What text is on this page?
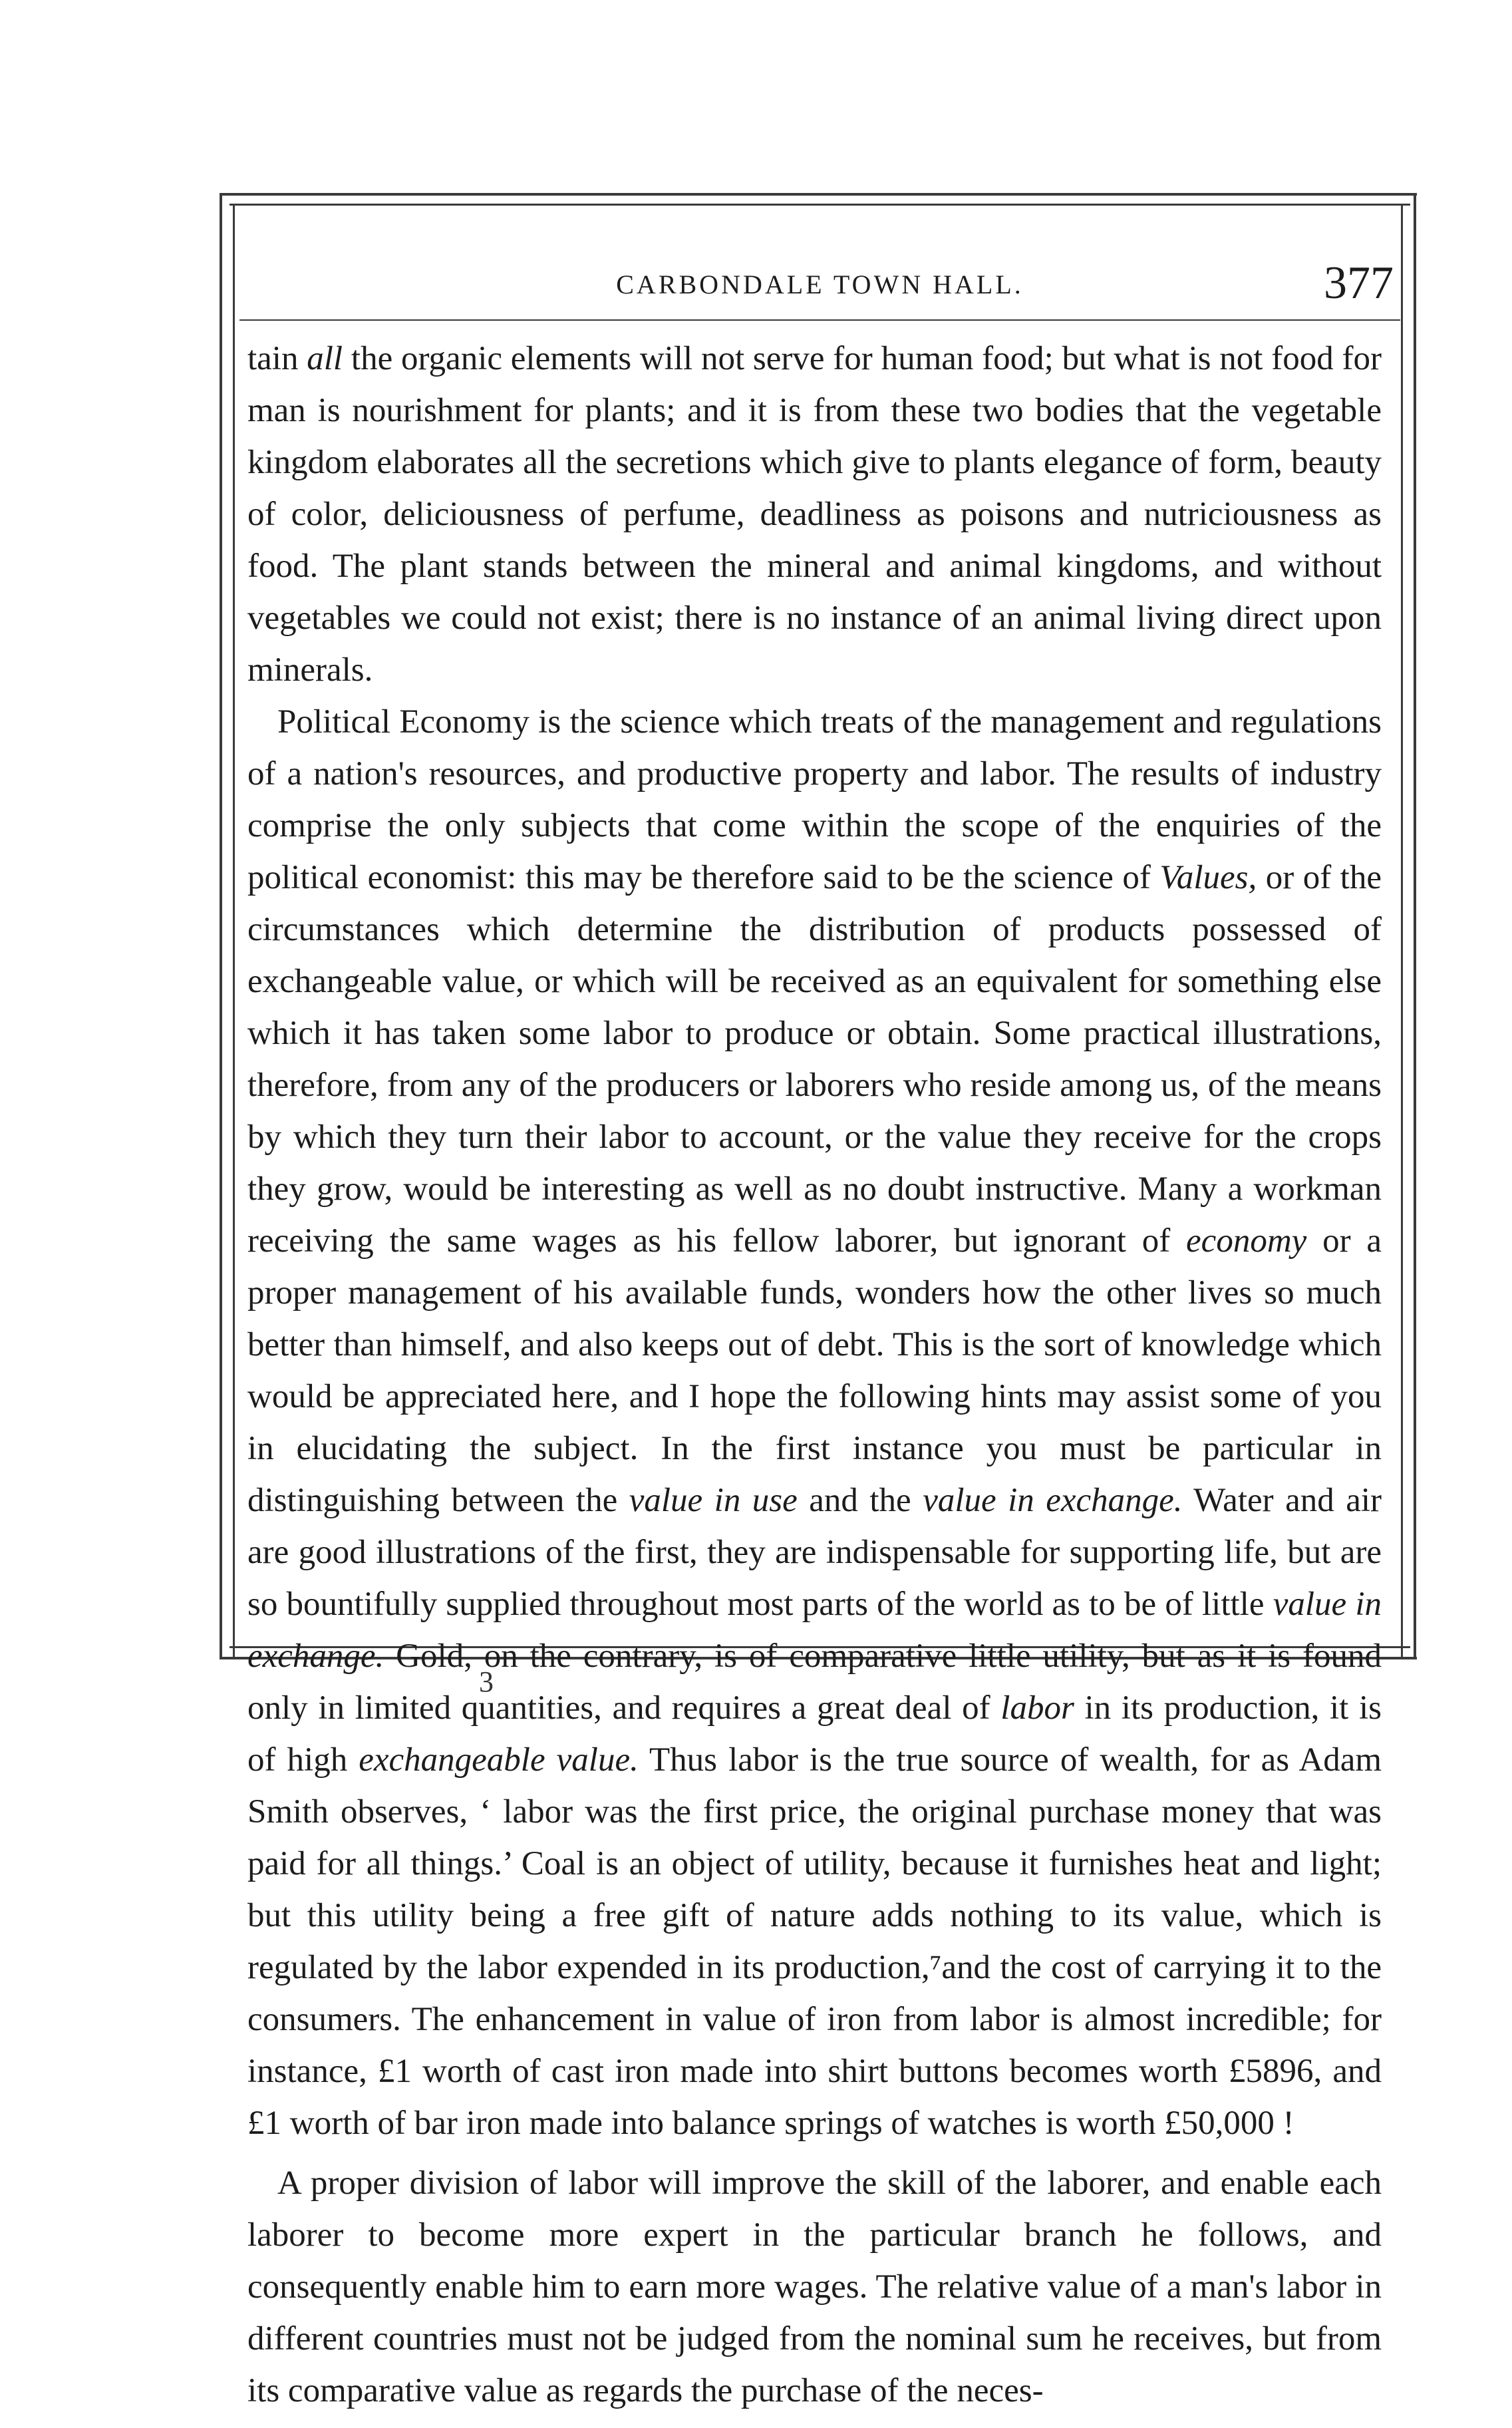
CARBONDALE TOWN HALL.	377

tain all the organic elements will not serve for human food; but what is not food for man is nourishment for plants; and it is from these two bodies that the vegetable kingdom elaborates all the secretions which give to plants elegance of form, beauty of color, deliciousness of perfume, deadliness as poisons and nutriciousness as food. The plant stands between the mineral and animal kingdoms, and without vegetables we could not exist; there is no instance of an animal living direct upon minerals.

Political Economy is the science which treats of the management and regulations of a nation's resources, and productive property and labor. The results of industry comprise the only subjects that come within the scope of the enquiries of the political economist: this may be therefore said to be the science of Values, or of the circumstances which determine the distribution of products possessed of exchangeable value, or which will be received as an equivalent for something else which it has taken some labor to produce or obtain. Some practical illustrations, therefore, from any of the producers or laborers who reside among us, of the means by which they turn their labor to account, or the value they receive for the crops they grow, would be interesting as well as no doubt instructive. Many a workman receiving the same wages as his fellow laborer, but ignorant of economy or a proper management of his available funds, wonders how the other lives so much better than himself, and also keeps out of debt. This is the sort of knowledge which would be appreciated here, and I hope the following hints may assist some of you in elucidating the subject. In the first instance you must be particular in distinguishing between the value in use and the value in exchange. Water and air are good illustrations of the first, they are indispensable for supporting life, but are so bountifully supplied throughout most parts of the world as to be of little value in exchange. Gold, on the contrary, is of comparative little utility, but as it is found only in limited quantities, and requires a great deal of labor in its production, it is of high exchangeable value. Thus labor is the true source of wealth, for as Adam Smith observes, ‘ labor was the first price, the original purchase money that was paid for all things.’ Coal is an object of utility, because it furnishes heat and light; but this utility being a free gift of nature adds nothing to its value, which is regulated by the labor expended in its production,⁷and the cost of carrying it to the consumers. The enhancement in value of iron from labor is almost incredible; for instance, £1 worth of cast iron made into shirt buttons becomes worth £5896, and £1 worth of bar iron made into balance springs of watches is worth £50,000 !

A proper division of labor will improve the skill of the laborer, and enable each laborer to become more expert in the particular branch he follows, and consequently enable him to earn more wages. The relative value of a man's labor in different countries must not be judged from the nominal sum he receives, but from its comparative value as regards the purchase of the neces-

3
